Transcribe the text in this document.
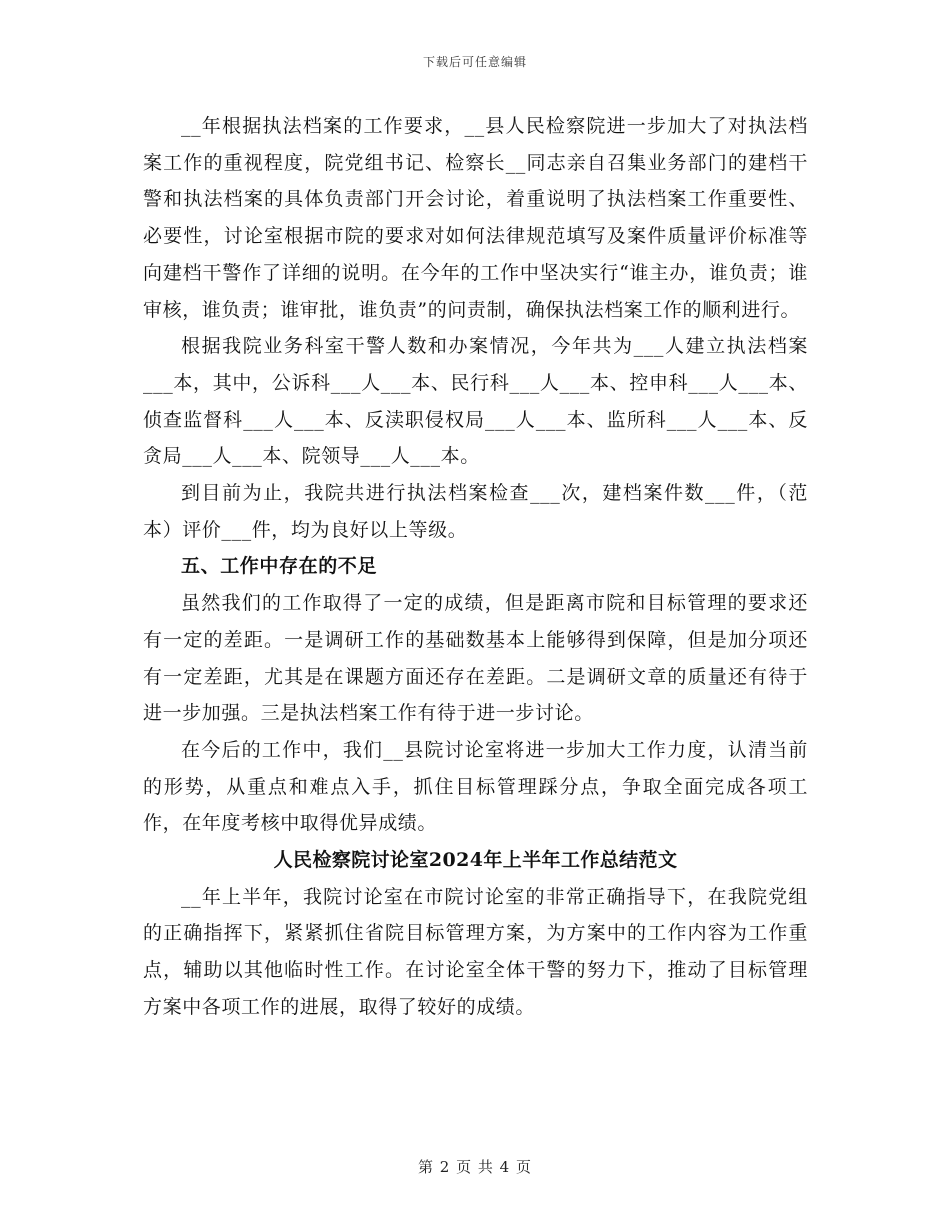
下载后可任意编辑

__年根据执法档案的工作要求，__县人民检察院进一步加大了对执法档案工作的重视程度，院党组书记、检察长__同志亲自召集业务部门的建档干警和执法档案的具体负责部门开会讨论，着重说明了执法档案工作重要性、必要性，讨论室根据市院的要求对如何法律规范填写及案件质量评价标准等向建档干警作了详细的说明。在今年的工作中坚决实行“谁主办，谁负责；谁审核，谁负责；谁审批，谁负责”的问责制，确保执法档案工作的顺利进行。

根据我院业务科室干警人数和办案情况，今年共为___人建立执法档案___本，其中，公诉科___人___本、民行科___人___本、控申科___人___本、侦查监督科___人___本、反渎职侵权局___人___本、监所科___人___本、反贪局___人___本、院领导___人___本。

到目前为止，我院共进行执法档案检查___次，建档案件数___件，（范本）评价___件，均为良好以上等级。

五、工作中存在的不足

虽然我们的工作取得了一定的成绩，但是距离市院和目标管理的要求还有一定的差距。一是调研工作的基础数基本上能够得到保障，但是加分项还有一定差距，尤其是在课题方面还存在差距。二是调研文章的质量还有待于进一步加强。三是执法档案工作有待于进一步讨论。

在今后的工作中，我们__县院讨论室将进一步加大工作力度，认清当前的形势，从重点和难点入手，抓住目标管理踩分点，争取全面完成各项工作，在年度考核中取得优异成绩。

人民检察院讨论室2024年上半年工作总结范文

__年上半年，我院讨论室在市院讨论室的非常正确指导下，在我院党组的正确指挥下，紧紧抓住省院目标管理方案，为方案中的工作内容为工作重点，辅助以其他临时性工作。在讨论室全体干警的努力下，推动了目标管理方案中各项工作的进展，取得了较好的成绩。

第 2 页 共 4 页
